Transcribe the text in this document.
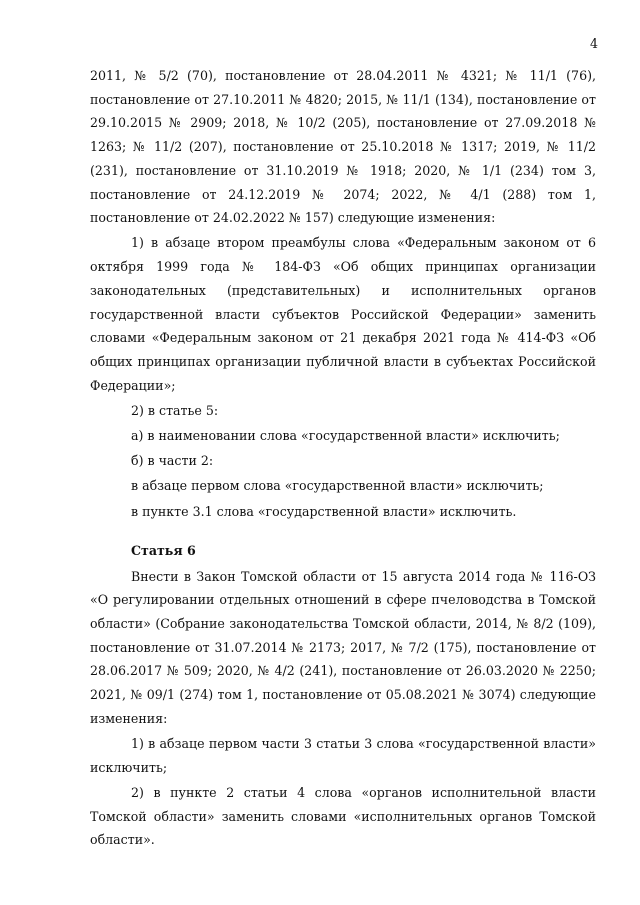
4

2011, № 5/2 (70), постановление от 28.04.2011 № 4321; № 11/1 (76), постановление от 27.10.2011 № 4820; 2015, № 11/1 (134), постановление от 29.10.2015 № 2909; 2018, № 10/2 (205), постановление от 27.09.2018 № 1263; № 11/2 (207), постановление от 25.10.2018 № 1317; 2019, № 11/2 (231), постановление от 31.10.2019 № 1918; 2020, № 1/1 (234) том 3, постановление от 24.12.2019 № 2074; 2022, № 4/1 (288) том 1, постановление от 24.02.2022 № 157) следующие изменения:

1) в абзаце втором преамбулы слова «Федеральным законом от 6 октября 1999 года № 184-ФЗ «Об общих принципах организации законодательных (представительных) и исполнительных органов государственной власти субъектов Российской Федерации» заменить словами «Федеральным законом от 21 декабря 2021 года № 414-ФЗ «Об общих принципах организации публичной власти в субъектах Российской Федерации»;

2) в статье 5:

а) в наименовании слова «государственной власти» исключить;

б) в части 2:

в абзаце первом слова «государственной власти» исключить;

в пункте 3.1 слова «государственной власти» исключить.

Статья 6

Внести в Закон Томской области от 15 августа 2014 года № 116-ОЗ «О регулировании отдельных отношений в сфере пчеловодства в Томской области» (Собрание законодательства Томской области, 2014, № 8/2 (109), постановление от 31.07.2014 № 2173; 2017, № 7/2 (175), постановление от 28.06.2017 № 509; 2020, № 4/2 (241), постановление от 26.03.2020 № 2250; 2021, № 09/1 (274) том 1, постановление от 05.08.2021 № 3074) следующие изменения:

1) в абзаце первом части 3 статьи 3 слова «государственной власти» исключить;

2) в пункте 2 статьи 4 слова «органов исполнительной власти Томской области» заменить словами «исполнительных органов Томской области».
